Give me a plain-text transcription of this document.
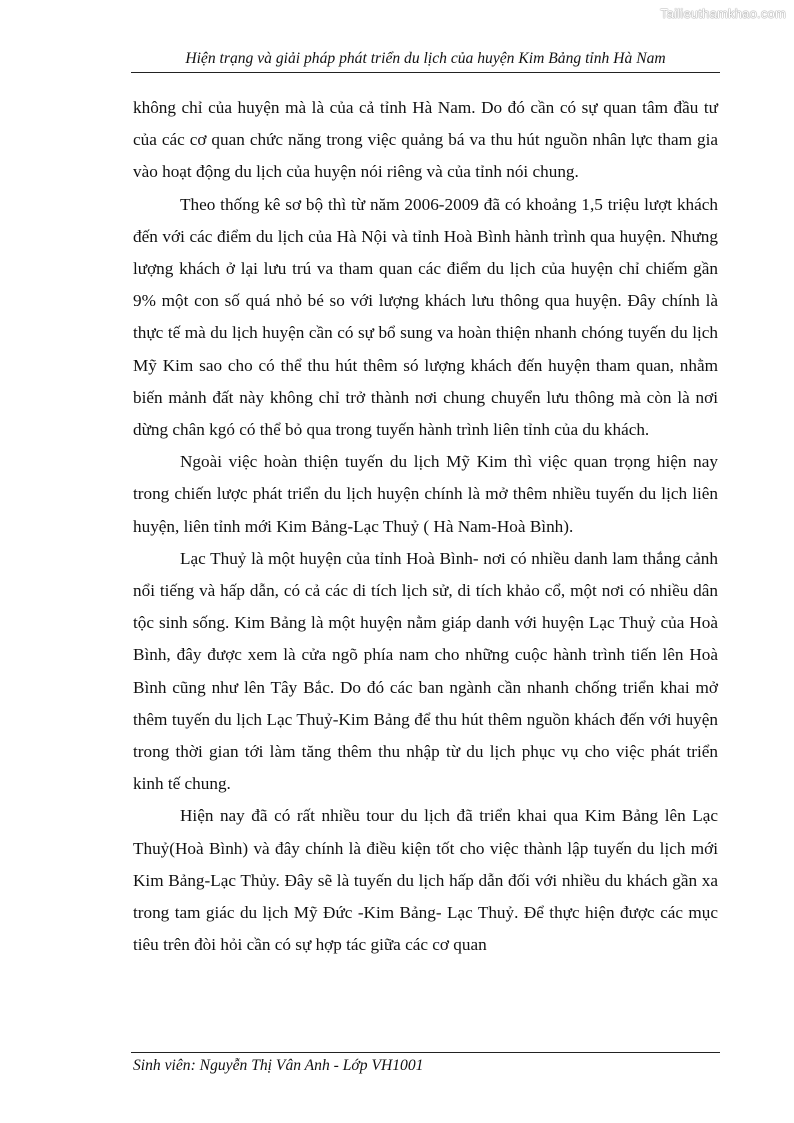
Tailieuthamkhao.com
Hiện trạng và giải pháp phát triển du lịch của huyện Kim Bảng tỉnh Hà Nam

không chỉ của huyện mà là của cả tỉnh Hà Nam. Do đó cần có sự quan tâm đầu tư của các cơ quan chức năng trong việc quảng bá va thu hút nguồn nhân lực tham gia vào hoạt động du lịch của huyện nói riêng và của tỉnh nói chung.

Theo thống kê sơ bộ thì từ năm 2006-2009 đã có khoảng 1,5 triệu lượt khách đến với các điểm du lịch của Hà Nội và tỉnh Hoà Bình hành trình qua huyện. Nhưng lượng khách ở lại lưu trú va tham quan các điểm du lịch của huyện chỉ chiếm gần 9% một con số quá nhỏ bé so với lượng khách lưu thông qua huyện. Đây chính là thực tế mà du lịch huyện cần có sự bổ sung va hoàn thiện nhanh chóng tuyến du lịch Mỹ Kim sao cho có thể thu hút thêm só lượng khách đến huyện tham quan, nhằm biến mảnh đất này không chỉ trở thành nơi chung chuyển lưu thông mà còn là nơi dừng chân kgó có thể bỏ qua trong tuyến hành trình liên tỉnh của du khách.

Ngoài việc hoàn thiện tuyến du lịch Mỹ Kim thì việc quan trọng hiện nay trong chiến lược phát triển du lịch huyện chính là mở thêm nhiều tuyến du lịch liên huyện, liên tỉnh mới Kim Bảng-Lạc Thuỷ ( Hà Nam-Hoà Bình).

Lạc Thuỷ là một huyện của tỉnh Hoà Bình- nơi có nhiều danh lam thắng cảnh nổi tiếng và hấp dẫn, có cả các di tích lịch sử, di tích khảo cổ, một nơi có nhiều dân tộc sinh sống. Kim Bảng là một huyện nằm giáp danh với huyện Lạc Thuỷ của Hoà Bình, đây được xem là cửa ngõ phía nam cho những cuộc hành trình tiến lên Hoà Bình cũng như lên Tây Bắc. Do đó các ban ngành cần nhanh chống triển khai mở thêm tuyến du lịch Lạc Thuỷ-Kim Bảng để thu hút thêm nguồn khách đến với huyện trong thời gian tới làm tăng thêm thu nhập từ du lịch phục vụ cho việc phát triển kinh tế chung.

Hiện nay đã có rất nhiều tour du lịch đã triển khai qua Kim Bảng lên Lạc Thuỷ(Hoà Bình) và đây chính là điều kiện tốt cho việc thành lập tuyến du lịch mới Kim Bảng-Lạc Thủy. Đây sẽ là tuyến du lịch hấp dẫn đối với nhiều du khách gần xa trong tam giác du lịch Mỹ Đức -Kim Bảng- Lạc Thuỷ. Để thực hiện được các mục tiêu trên đòi hỏi cần có sự hợp tác giữa các cơ quan

Sinh viên: Nguyễn Thị Vân Anh - Lớp VH1001
